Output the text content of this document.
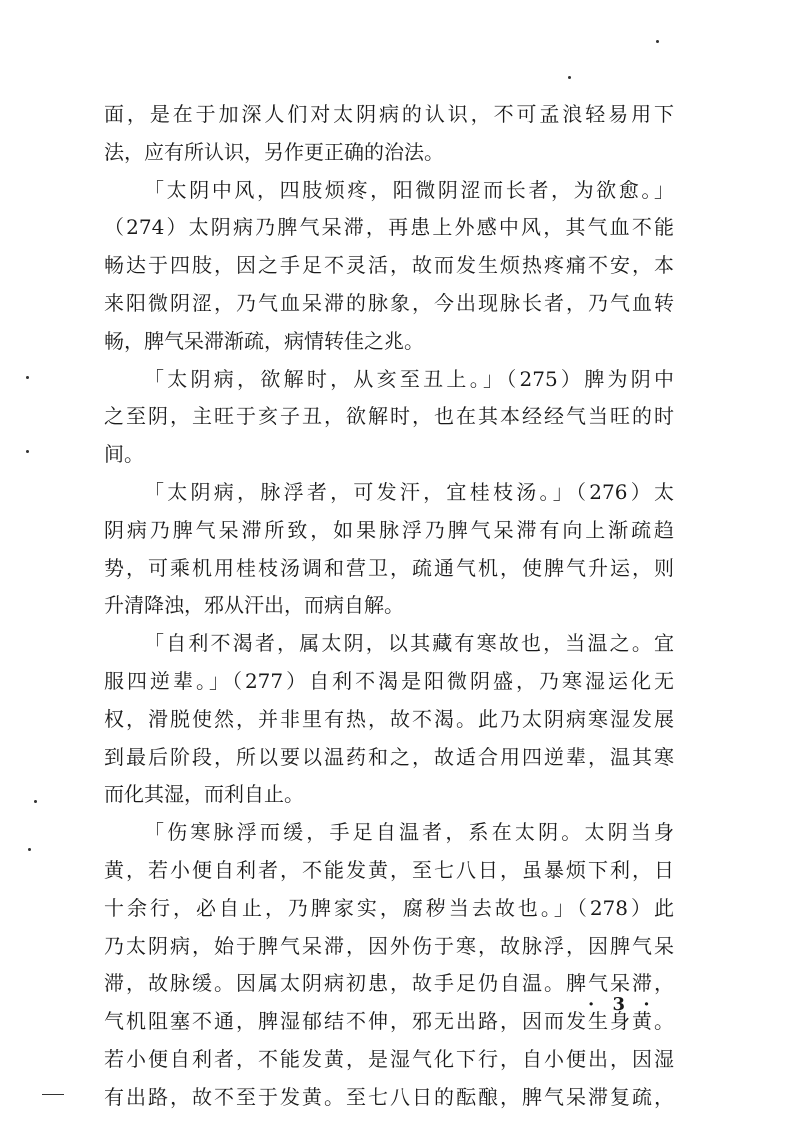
面，是在于加深人们对太阴病的认识，不可孟浪轻易用下
法，应有所认识，另作更正确的治法。
「太阴中风，四肢烦疼，阳微阴涩而长者，为欲愈。」
（274）太阴病乃脾气呆滞，再患上外感中风，其气血不能
畅达于四肢，因之手足不灵活，故而发生烦热疼痛不安，本
来阳微阴涩，乃气血呆滞的脉象，今出现脉长者，乃气血转
畅，脾气呆滞渐疏，病情转佳之兆。
「太阴病，欲解时，从亥至丑上。」（275）脾为阴中
之至阴，主旺于亥子丑，欲解时，也在其本经经气当旺的时
间。
「太阴病，脉浮者，可发汗，宜桂枝汤。」（276）太
阴病乃脾气呆滞所致，如果脉浮乃脾气呆滞有向上渐疏趋
势，可乘机用桂枝汤调和营卫，疏通气机，使脾气升运，则
升清降浊，邪从汗出，而病自解。
「自利不渴者，属太阴，以其藏有寒故也，当温之。宜
服四逆辈。」（277）自利不渴是阳微阴盛，乃寒湿运化无
权，滑脱使然，并非里有热，故不渴。此乃太阴病寒湿发展
到最后阶段，所以要以温药和之，故适合用四逆辈，温其寒
而化其湿，而利自止。
「伤寒脉浮而缓，手足自温者，系在太阴。太阴当身
黄，若小便自利者，不能发黄，至七八日，虽暴烦下利，日
十余行，必自止，乃脾家实，腐秽当去故也。」（278）此
乃太阴病，始于脾气呆滞，因外伤于寒，故脉浮，因脾气呆
滞，故脉缓。因属太阴病初患，故手足仍自温。脾气呆滞，
气机阻塞不通，脾湿郁结不伸，邪无出路，因而发生身黄。
若小便自利者，不能发黄，是湿气化下行，自小便出，因湿
有出路，故不至于发黄。至七八日的酝酿，脾气呆滞复疏，
· 3 ·
